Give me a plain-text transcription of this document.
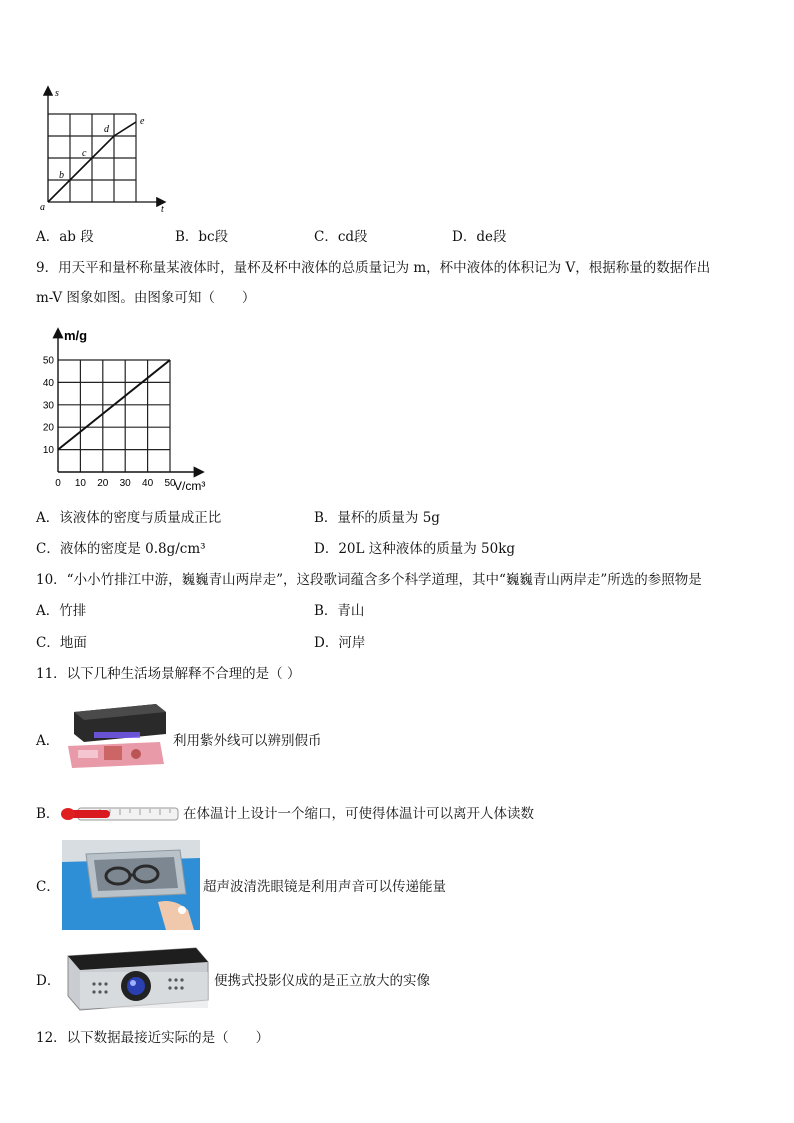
s
t
a
b
c
d
e
A．ab 段	B．bc段	C．cd段	D．de段
9．用天平和量杯称量某液体时，量杯及杯中液体的总质量记为 m，杯中液体的体积记为 V，根据称量的数据作出
m-V 图象如图。由图象可知（　　）
0 10 20 30 40 50
10
20
30
40
50
m/g
V/cm³
A．该液体的密度与质量成正比	B．量杯的质量为 5g
C．液体的密度是 0.8g/cm³	D．20L 这种液体的质量为 50kg
10．“小小竹排江中游，巍巍青山两岸走”，这段歌词蕴含多个科学道理，其中“巍巍青山两岸走”所选的参照物是
A．竹排	B．青山
C．地面	D．河岸
11．以下几种生活场景解释不合理的是（ ）
A．	利用紫外线可以辨别假币
B．	在体温计上设计一个缩口，可使得体温计可以离开人体读数
C．	超声波清洗眼镜是利用声音可以传递能量
D．	便携式投影仪成的是正立放大的实像
12．以下数据最接近实际的是（　　）
